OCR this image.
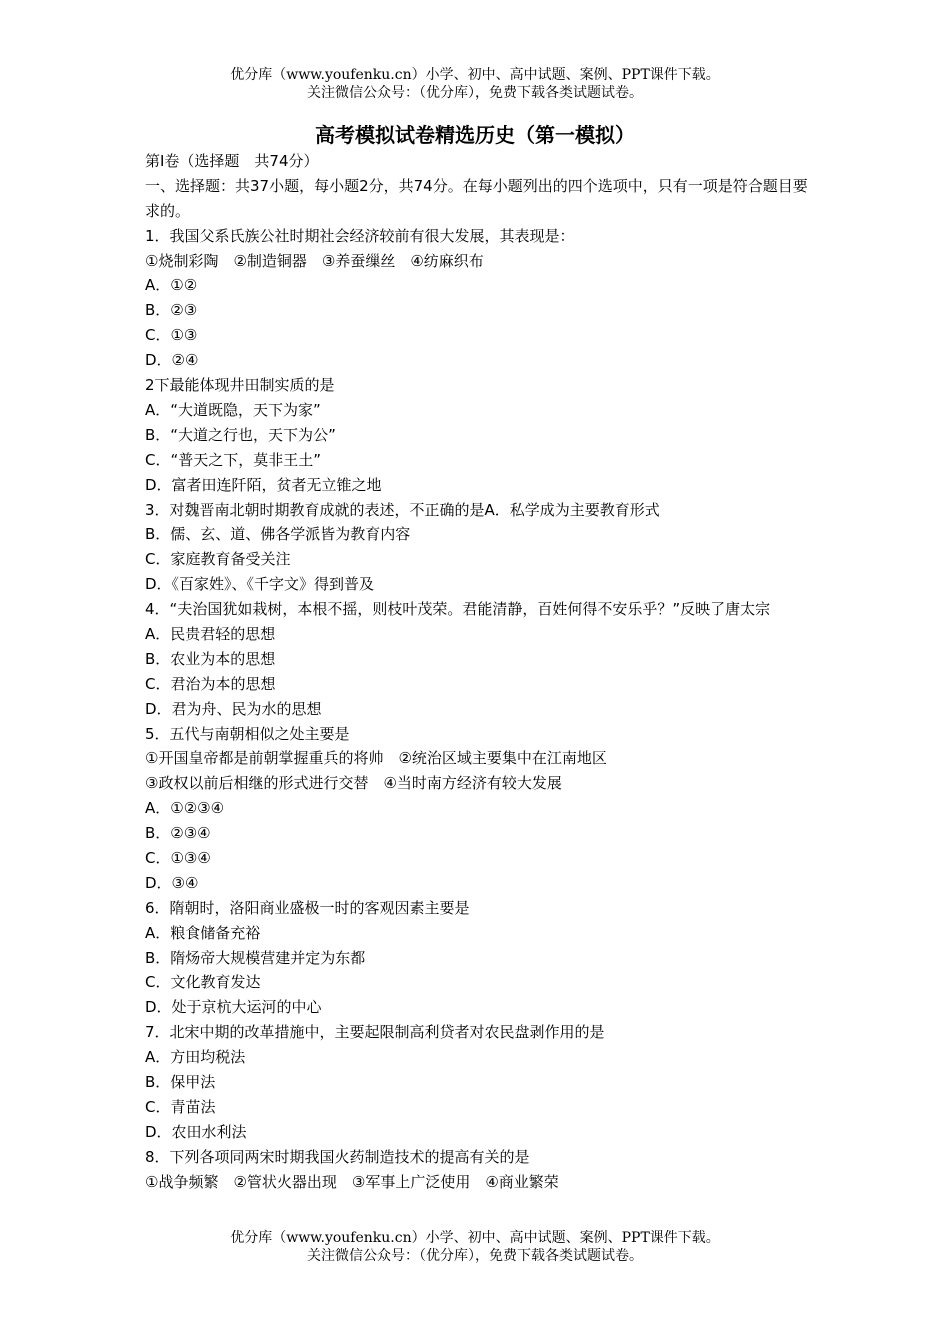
优分库（www.youfenku.cn）小学、初中、高中试题、案例、PPT课件下载。
关注微信公众号：（优分库），免费下载各类试题试卷。
高考模拟试卷精选历史（第一模拟）
第Ⅰ卷（选择题　共74分）
一、选择题：共37小题，每小题2分，共74分。在每小题列出的四个选项中，只有一项是符合题目要求的。
1．我国父系氏族公社时期社会经济较前有很大发展，其表现是：
①烧制彩陶　②制造铜器　③养蚕缫丝　④纺麻织布
A．①②
B．②③
C．①③
D．②④
2下最能体现井田制实质的是
A．“大道既隐，天下为家”
B．“大道之行也，天下为公”
C．“普天之下，莫非王土”
D．富者田连阡陌，贫者无立锥之地
3．对魏晋南北朝时期教育成就的表述，不正确的是A．私学成为主要教育形式
B．儒、玄、道、佛各学派皆为教育内容
C．家庭教育备受关注
D．《百家姓》、《千字文》得到普及
4．“夫治国犹如栽树，本根不摇，则枝叶茂荣。君能清静，百姓何得不安乐乎？”反映了唐太宗
A．民贵君轻的思想
B．农业为本的思想
C．君治为本的思想
D．君为舟、民为水的思想
5．五代与南朝相似之处主要是
①开国皇帝都是前朝掌握重兵的将帅　②统治区域主要集中在江南地区
③政权以前后相继的形式进行交替　④当时南方经济有较大发展
A．①②③④
B．②③④
C．①③④
D．③④
6．隋朝时，洛阳商业盛极一时的客观因素主要是
A．粮食储备充裕
B．隋炀帝大规模营建并定为东都
C．文化教育发达
D．处于京杭大运河的中心
7．北宋中期的改革措施中，主要起限制高利贷者对农民盘剥作用的是
A．方田均税法
B．保甲法
C．青苗法
D．农田水利法
8．下列各项同两宋时期我国火药制造技术的提高有关的是
①战争频繁　②管状火器出现　③军事上广泛使用　④商业繁荣
优分库（www.youfenku.cn）小学、初中、高中试题、案例、PPT课件下载。
关注微信公众号：（优分库），免费下载各类试题试卷。
